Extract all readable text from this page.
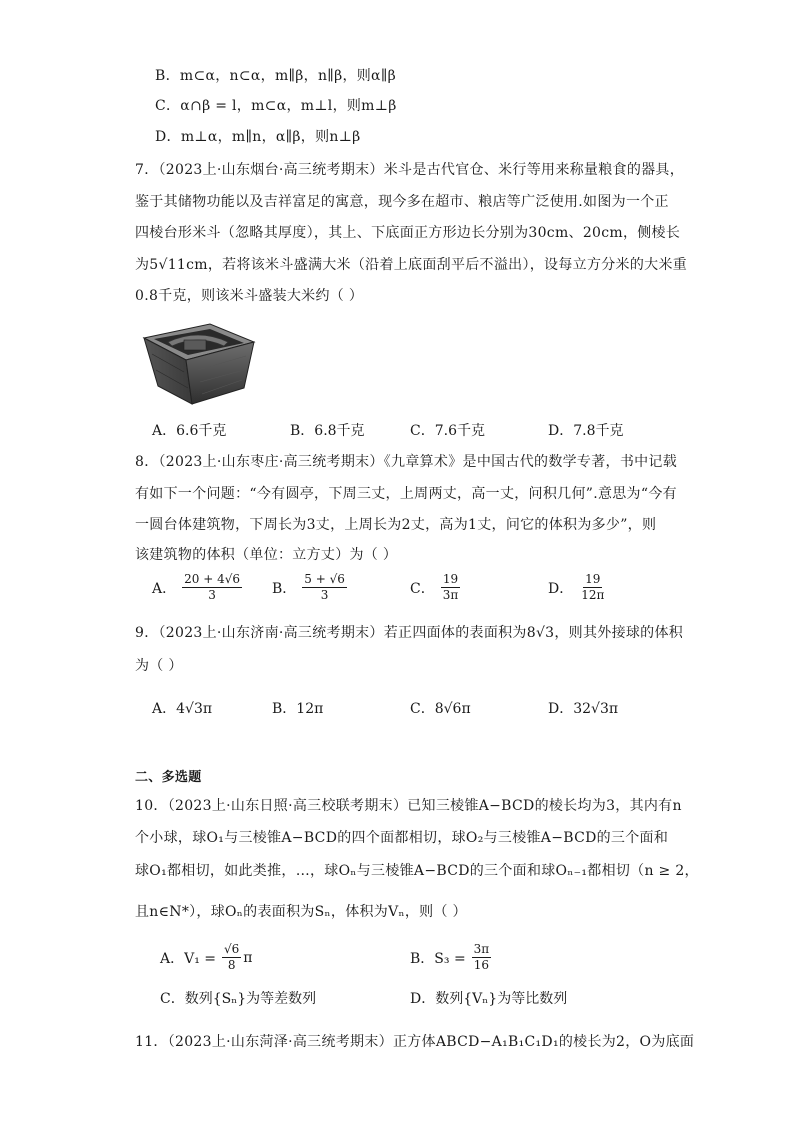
B．m⊂α，n⊂α，m∥β，n∥β，则α∥β
C．α∩β = l，m⊂α，m⊥l，则m⊥β
D．m⊥α，m∥n，α∥β，则n⊥β
7．（2023上·山东烟台·高三统考期末）米斗是古代官仓、米行等用来称量粮食的器具，
鉴于其储物功能以及吉祥富足的寓意，现今多在超市、粮店等广泛使用.如图为一个正
四棱台形米斗（忽略其厚度），其上、下底面正方形边长分别为30cm、20cm，侧棱长
为5√11cm，若将该米斗盛满大米（沿着上底面刮平后不溢出），设每立方分米的大米重
0.8千克，则该米斗盛装大米约（ ）
A．6.6千克	B．6.8千克	C．7.6千克	D．7.8千克
8．（2023上·山东枣庄·高三统考期末）《九章算术》是中国古代的数学专著，书中记载
有如下一个问题：“今有圆亭，下周三丈，上周两丈，高一丈，问积几何”.意思为“今有
一圆台体建筑物，下周长为3丈，上周长为2丈，高为1丈，问它的体积为多少”，则
该建筑物的体积（单位：立方丈）为（ ）
A． $\frac{20 + 4√6}{3}$ B． $\frac{5 + √6}{3}$	C． $\frac{19}{3\pi}$	D． $\frac{19}{12\pi}$
9．（2023上·山东济南·高三统考期末）若正四面体的表面积为8√3，则其外接球的体积
为（ ）
A．4√3π	B．12π	C．8√6π	D．32√3π
二、多选题
10．（2023上·山东日照·高三校联考期末）已知三棱锥A−BCD的棱长均为3，其内有n
个小球，球O₁与三棱锥A−BCD的四个面都相切，球O₂与三棱锥A−BCD的三个面和
球O₁都相切，如此类推，…，球Oₙ与三棱锥A−BCD的三个面和球Oₙ₋₁都相切（n ≥ 2，
且n∈N*），球Oₙ的表面积为Sₙ，体积为Vₙ，则（ ）
A．$V_1 = \frac{√6}{8}$ π	B．$S_3 = \frac{3\pi}{16}$
C．数列{Sₙ}为等差数列	D．数列{Vₙ}为等比数列
11．（2023上·山东菏泽·高三统考期末）正方体ABCD−A₁B₁C₁D₁的棱长为2，O为底面
